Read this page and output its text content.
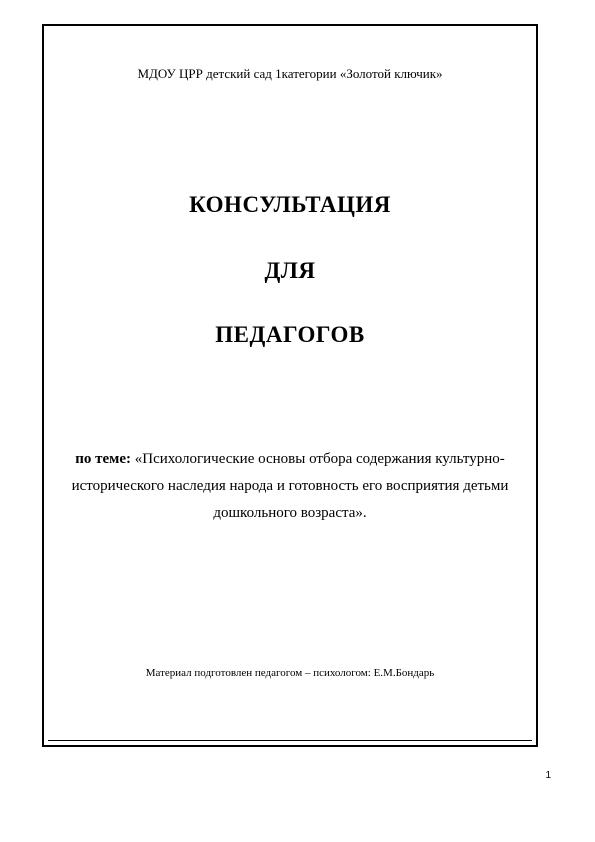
МДОУ ЦРР детский сад 1категории «Золотой ключик»
КОНСУЛЬТАЦИЯ
ДЛЯ
ПЕДАГОГОВ
по теме: «Психологические основы отбора содержания культурно-исторического наследия народа и готовность его восприятия детьми дошкольного возраста».
Материал подготовлен педагогом – психологом: Е.М.Бондарь
1
